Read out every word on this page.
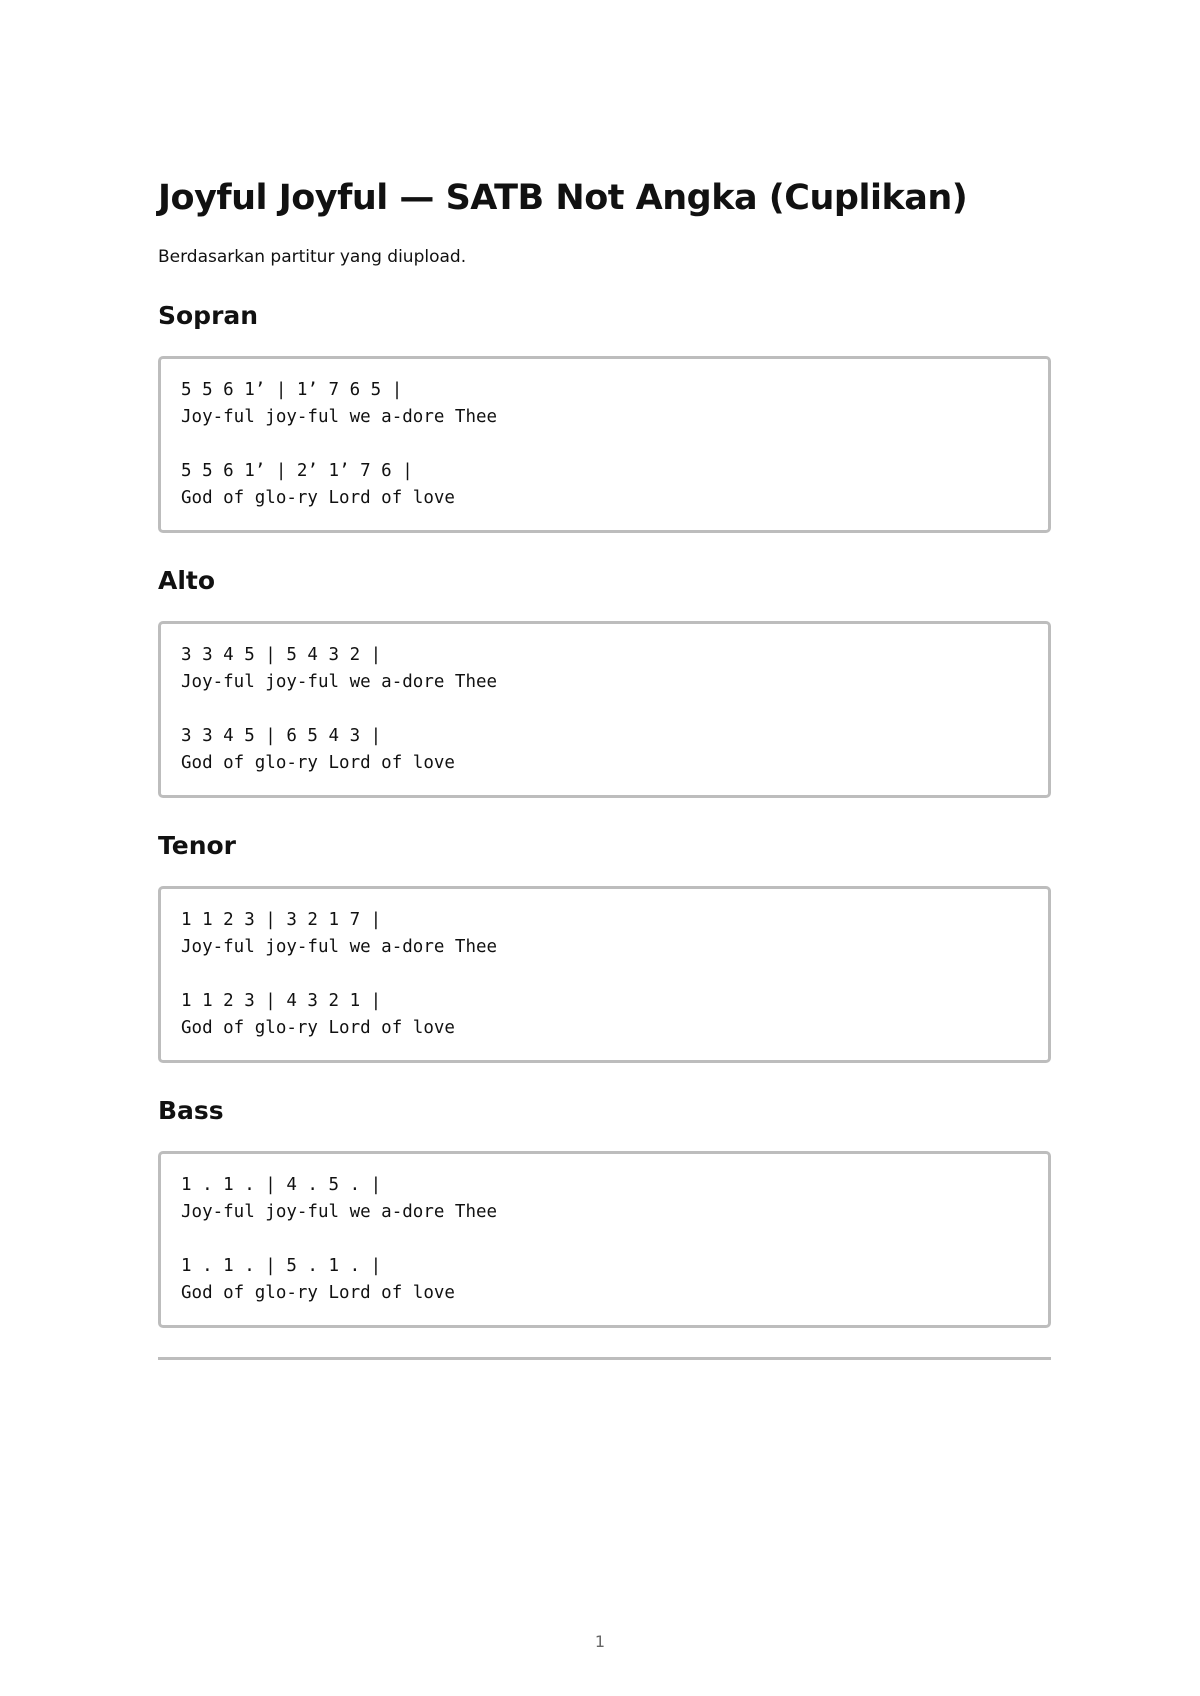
Joyful Joyful — SATB Not Angka (Cuplikan)

Berdasarkan partitur yang diupload.

Sopran
5 5 6 1’ | 1’ 7 6 5 |
Joy-ful joy-ful we a-dore Thee
5 5 6 1’ | 2’ 1’ 7 6 |
God of glo-ry Lord of love
Alto
3 3 4 5 | 5 4 3 2 |
Joy-ful joy-ful we a-dore Thee
3 3 4 5 | 6 5 4 3 |
God of glo-ry Lord of love
Tenor
1 1 2 3 | 3 2 1 7 |
Joy-ful joy-ful we a-dore Thee
1 1 2 3 | 4 3 2 1 |
God of glo-ry Lord of love
Bass
1 . 1 . | 4 . 5 . |
Joy-ful joy-ful we a-dore Thee
1 . 1 . | 5 . 1 . |
God of glo-ry Lord of love
1
